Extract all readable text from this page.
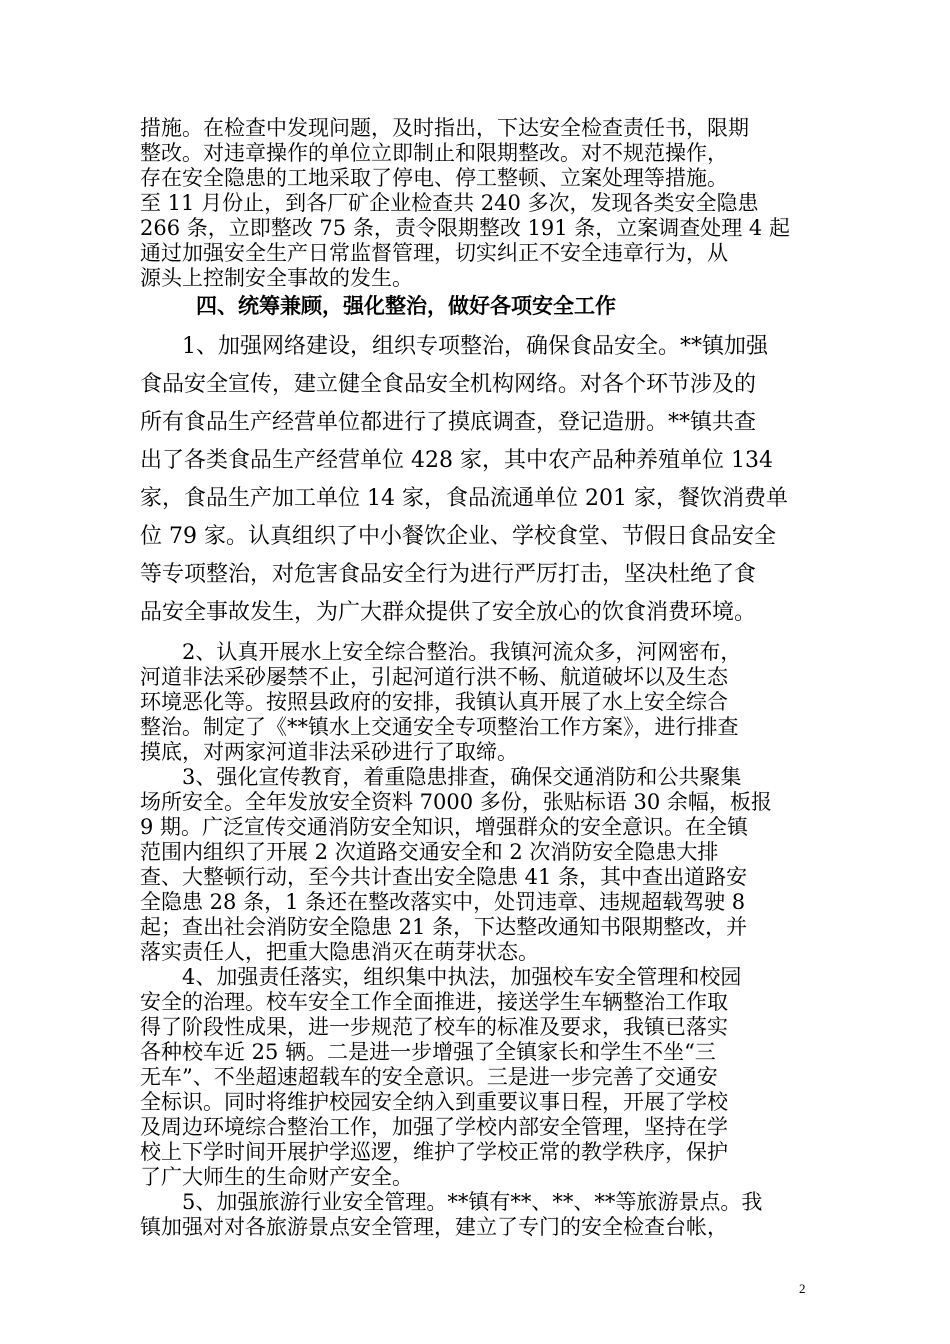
措施。在检查中发现问题，及时指出，下达安全检查责任书，限期
整改。对违章操作的单位立即制止和限期整改。对不规范操作，
存在安全隐患的工地采取了停电、停工整顿、立案处理等措施。
至 11 月份止，到各厂矿企业检查共 240 多次，发现各类安全隐患
266 条，立即整改 75 条，责令限期整改 191 条，立案调查处理 4 起
通过加强安全生产日常监督管理，切实纠正不安全违章行为，从
源头上控制安全事故的发生。
四、统筹兼顾，强化整治，做好各项安全工作
1、加强网络建设，组织专项整治，确保食品安全。**镇加强
食品安全宣传，建立健全食品安全机构网络。对各个环节涉及的
所有食品生产经营单位都进行了摸底调查，登记造册。**镇共查
出了各类食品生产经营单位 428 家，其中农产品种养殖单位 134
家，食品生产加工单位 14 家，食品流通单位 201 家，餐饮消费单
位 79 家。认真组织了中小餐饮企业、学校食堂、节假日食品安全
等专项整治，对危害食品安全行为进行严厉打击，坚决杜绝了食
品安全事故发生，为广大群众提供了安全放心的饮食消费环境。
2、认真开展水上安全综合整治。我镇河流众多，河网密布，
河道非法采砂屡禁不止，引起河道行洪不畅、航道破坏以及生态
环境恶化等。按照县政府的安排，我镇认真开展了水上安全综合
整治。制定了《**镇水上交通安全专项整治工作方案》，进行排查
摸底，对两家河道非法采砂进行了取缔。
3、强化宣传教育，着重隐患排查，确保交通消防和公共聚集
场所安全。全年发放安全资料 7000 多份，张贴标语 30 余幅，板报
9 期。广泛宣传交通消防安全知识，增强群众的安全意识。在全镇
范围内组织了开展 2 次道路交通安全和 2 次消防安全隐患大排
查、大整顿行动，至今共计查出安全隐患 41 条，其中查出道路安
全隐患 28 条，1 条还在整改落实中，处罚违章、违规超载驾驶 8
起；查出社会消防安全隐患 21 条，下达整改通知书限期整改，并
落实责任人，把重大隐患消灭在萌芽状态。
4、加强责任落实，组织集中执法，加强校车安全管理和校园
安全的治理。校车安全工作全面推进，接送学生车辆整治工作取
得了阶段性成果，进一步规范了校车的标准及要求，我镇已落实
各种校车近 25 辆。二是进一步增强了全镇家长和学生不坐“三
无车”、不坐超速超载车的安全意识。三是进一步完善了交通安
全标识。同时将维护校园安全纳入到重要议事日程，开展了学校
及周边环境综合整治工作，加强了学校内部安全管理，坚持在学
校上下学时间开展护学巡逻，维护了学校正常的教学秩序，保护
了广大师生的生命财产安全。
5、加强旅游行业安全管理。**镇有**、**、**等旅游景点。我
镇加强对对各旅游景点安全管理，建立了专门的安全检查台帐，
2
